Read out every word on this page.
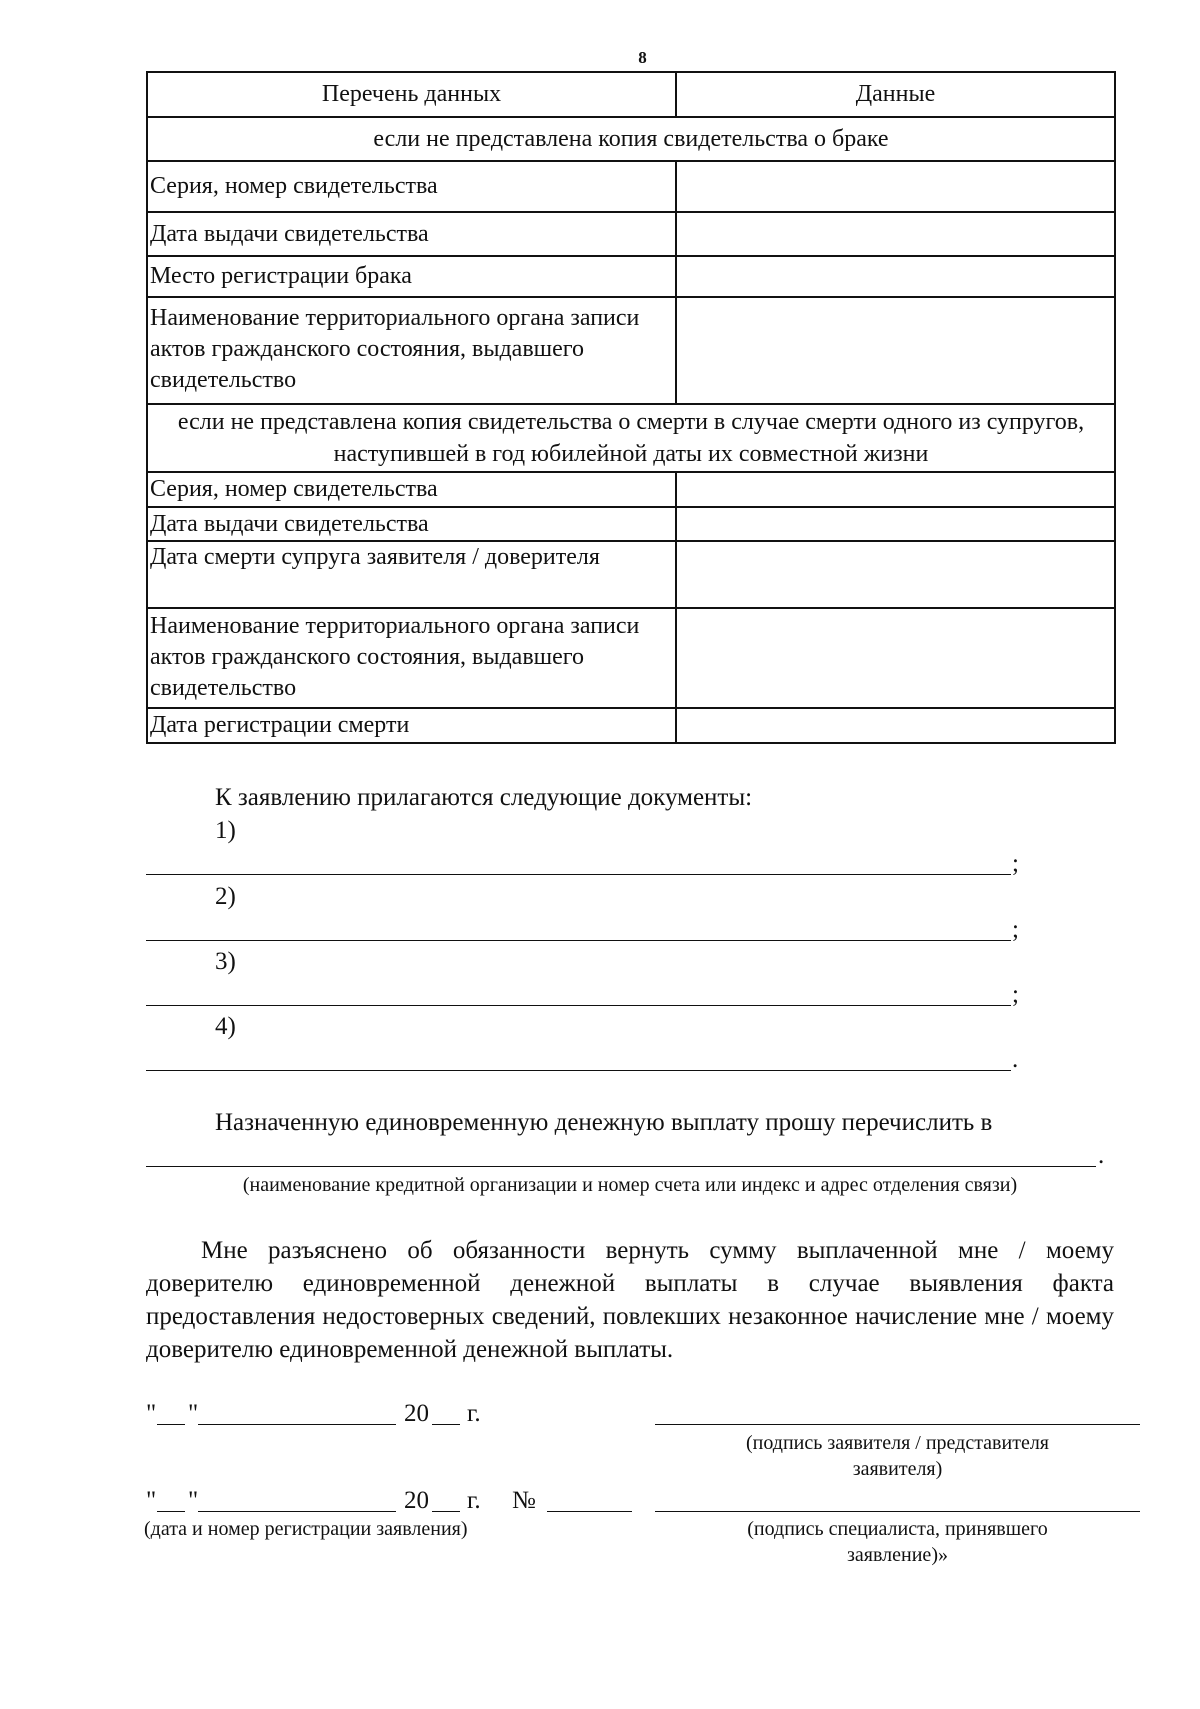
8
Перечень данных	Данные
если не представлена копия свидетельства о браке	
Серия, номер свидетельства	
Дата выдачи свидетельства	
Место регистрации брака	
Наименование территориального органа записи актов гражданского состояния, выдавшего свидетельство	
если не представлена копия свидетельства о смерти в случае смерти одного из супругов, наступившей в год юбилейной даты их совместной жизни	
Серия, номер свидетельства	
Дата выдачи свидетельства	
Дата смерти супруга заявителя / доверителя	
Наименование территориального органа записи актов гражданского состояния, выдавшего свидетельство	
Дата регистрации смерти	
К заявлению прилагаются следующие документы:
1)
;
2)
;
3)
;
4)
.
Назначенную единовременную денежную выплату прошу перечислить в
.
(наименование кредитной организации и номер счета или индекс и адрес отделения связи)
Мне разъяснено об обязанности вернуть сумму выплаченной мне / моему доверителю единовременной денежной выплаты в случае выявления факта предоставления недостоверных сведений, повлекших незаконное начисление мне / моему доверителю единовременной денежной выплаты.
" "	20 г.
(подпись заявителя / представителя заявителя)
" "	20 г. №
(дата и номер регистрации заявления)	(подпись специалиста, принявшего заявление)»
